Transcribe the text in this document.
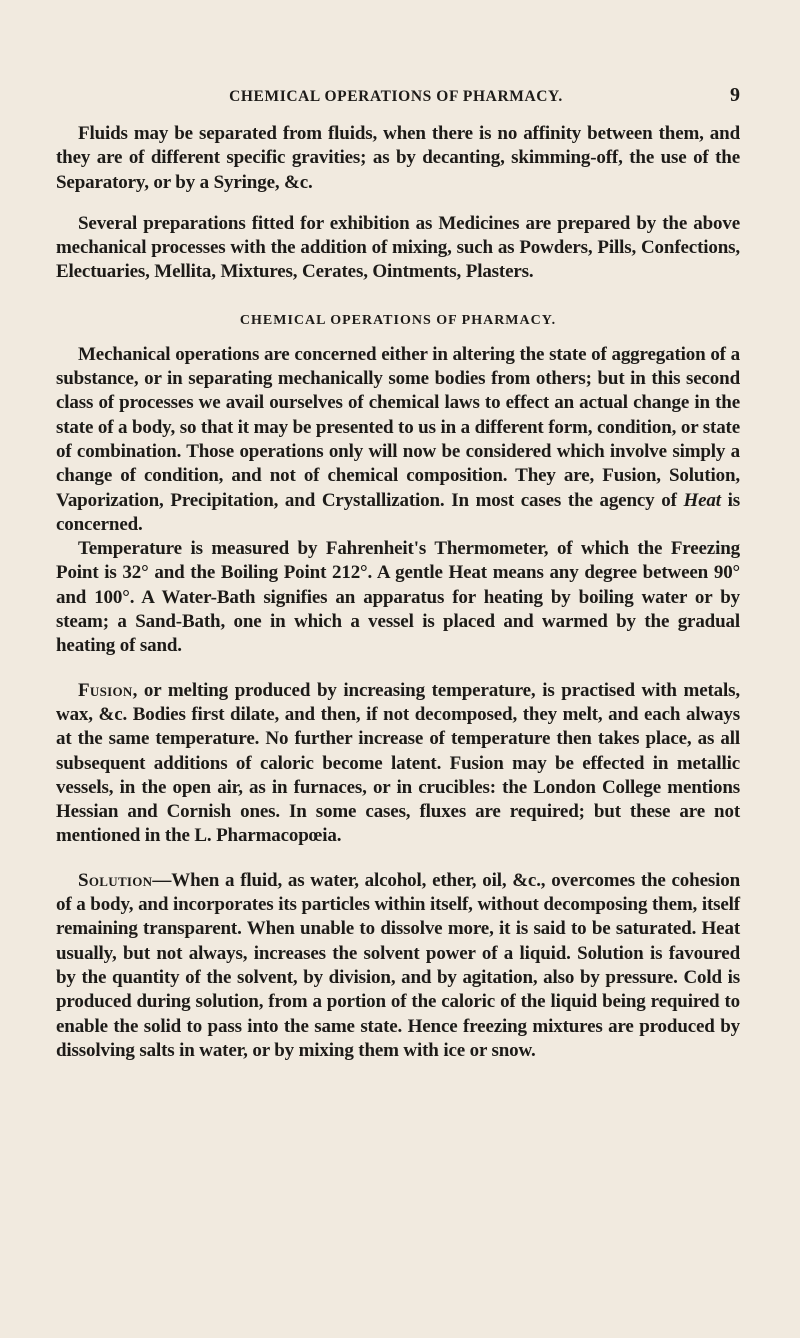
CHEMICAL OPERATIONS OF PHARMACY.	9

Fluids may be separated from fluids, when there is no affinity between them, and they are of different specific gravities; as by decanting, skimming-off, the use of the Separatory, or by a Syringe, &c.

Several preparations fitted for exhibition as Medicines are prepared by the above mechanical processes with the addition of mixing, such as Powders, Pills, Confections, Electuaries, Mellita, Mixtures, Cerates, Ointments, Plasters.

CHEMICAL OPERATIONS OF PHARMACY.

Mechanical operations are concerned either in altering the state of aggregation of a substance, or in separating mechanically some bodies from others; but in this second class of processes we avail ourselves of chemical laws to effect an actual change in the state of a body, so that it may be presented to us in a different form, condition, or state of combination. Those operations only will now be considered which involve simply a change of condition, and not of chemical composition. They are, Fusion, Solution, Vaporization, Precipitation, and Crystallization. In most cases the agency of Heat is concerned.

Temperature is measured by Fahrenheit's Thermometer, of which the Freezing Point is 32° and the Boiling Point 212°. A gentle Heat means any degree between 90° and 100°. A Water-Bath signifies an apparatus for heating by boiling water or by steam; a Sand-Bath, one in which a vessel is placed and warmed by the gradual heating of sand.

Fusion, or melting produced by increasing temperature, is practised with metals, wax, &c. Bodies first dilate, and then, if not decomposed, they melt, and each always at the same temperature. No further increase of temperature then takes place, as all subsequent additions of caloric become latent. Fusion may be effected in metallic vessels, in the open air, as in furnaces, or in crucibles: the London College mentions Hessian and Cornish ones. In some cases, fluxes are required; but these are not mentioned in the L. Pharmacopœia.

Solution—When a fluid, as water, alcohol, ether, oil, &c., overcomes the cohesion of a body, and incorporates its particles within itself, without decomposing them, itself remaining transparent. When unable to dissolve more, it is said to be saturated. Heat usually, but not always, increases the solvent power of a liquid. Solution is favoured by the quantity of the solvent, by division, and by agitation, also by pressure. Cold is produced during solution, from a portion of the caloric of the liquid being required to enable the solid to pass into the same state. Hence freezing mixtures are produced by dissolving salts in water, or by mixing them with ice or snow.
